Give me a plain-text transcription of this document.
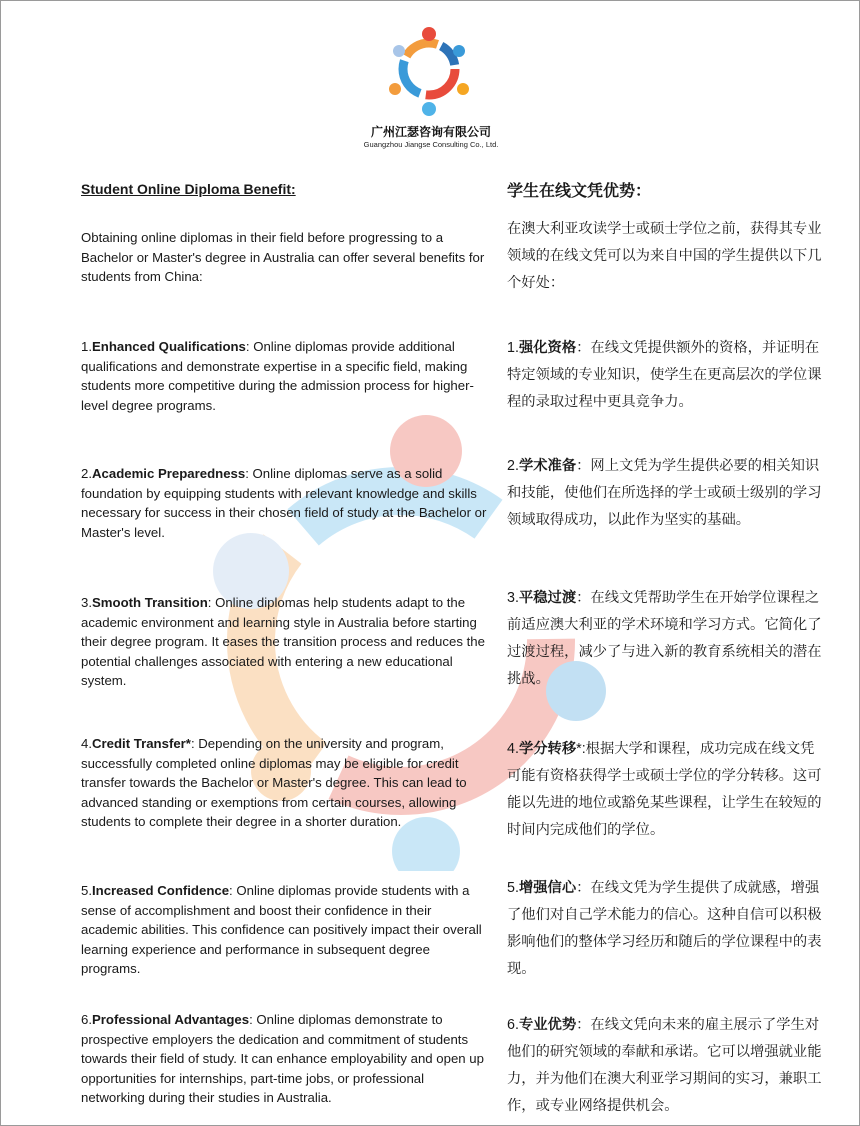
广州江瑟咨询有限公司
Guangzhou Jiangse Consulting Co., Ltd.
Student Online Diploma Benefit:

Obtaining online diplomas in their field before progressing to a Bachelor or Master's degree in Australia can offer several benefits for students from China:

1.Enhanced Qualifications: Online diplomas provide additional qualifications and demonstrate expertise in a specific field, making students more competitive during the admission process for higher-level degree programs.

2.Academic Preparedness: Online diplomas serve as a solid foundation by equipping students with relevant knowledge and skills necessary for success in their chosen field of study at the Bachelor or Master's level.

3.Smooth Transition: Online diplomas help students adapt to the academic environment and learning style in Australia before starting their degree program. It eases the transition process and reduces the potential challenges associated with entering a new educational system.

4.Credit Transfer*: Depending on the university and program, successfully completed online diplomas may be eligible for credit transfer towards the Bachelor or Master's degree. This can lead to advanced standing or exemptions from certain courses, allowing students to complete their degree in a shorter duration.

5.Increased Confidence: Online diplomas provide students with a sense of accomplishment and boost their confidence in their academic abilities. This confidence can positively impact their overall learning experience and performance in subsequent degree programs.

6.Professional Advantages: Online diplomas demonstrate to prospective employers the dedication and commitment of students towards their field of study. It can enhance employability and open up opportunities for internships, part-time jobs, or professional networking during their studies in Australia.

学生在线文凭优势：

在澳大利亚攻读学士或硕士学位之前，获得其专业领域的在线文凭可以为来自中国的学生提供以下几个好处：

1.强化资格：在线文凭提供额外的资格，并证明在特定领域的专业知识，使学生在更高层次的学位课程的录取过程中更具竞争力。

2.学术准备：网上文凭为学生提供必要的相关知识和技能，使他们在所选择的学士或硕士级别的学习领域取得成功，以此作为坚实的基础。

3.平稳过渡：在线文凭帮助学生在开始学位课程之前适应澳大利亚的学术环境和学习方式。它简化了过渡过程，减少了与进入新的教育系统相关的潜在挑战。

4.学分转移*:根据大学和课程，成功完成在线文凭可能有资格获得学士或硕士学位的学分转移。这可能以先进的地位或豁免某些课程，让学生在较短的时间内完成他们的学位。

5.增强信心：在线文凭为学生提供了成就感，增强了他们对自己学术能力的信心。这种自信可以积极影响他们的整体学习经历和随后的学位课程中的表现。

6.专业优势：在线文凭向未来的雇主展示了学生对他们的研究领域的奉献和承诺。它可以增强就业能力，并为他们在澳大利亚学习期间的实习，兼职工作，或专业网络提供机会。
